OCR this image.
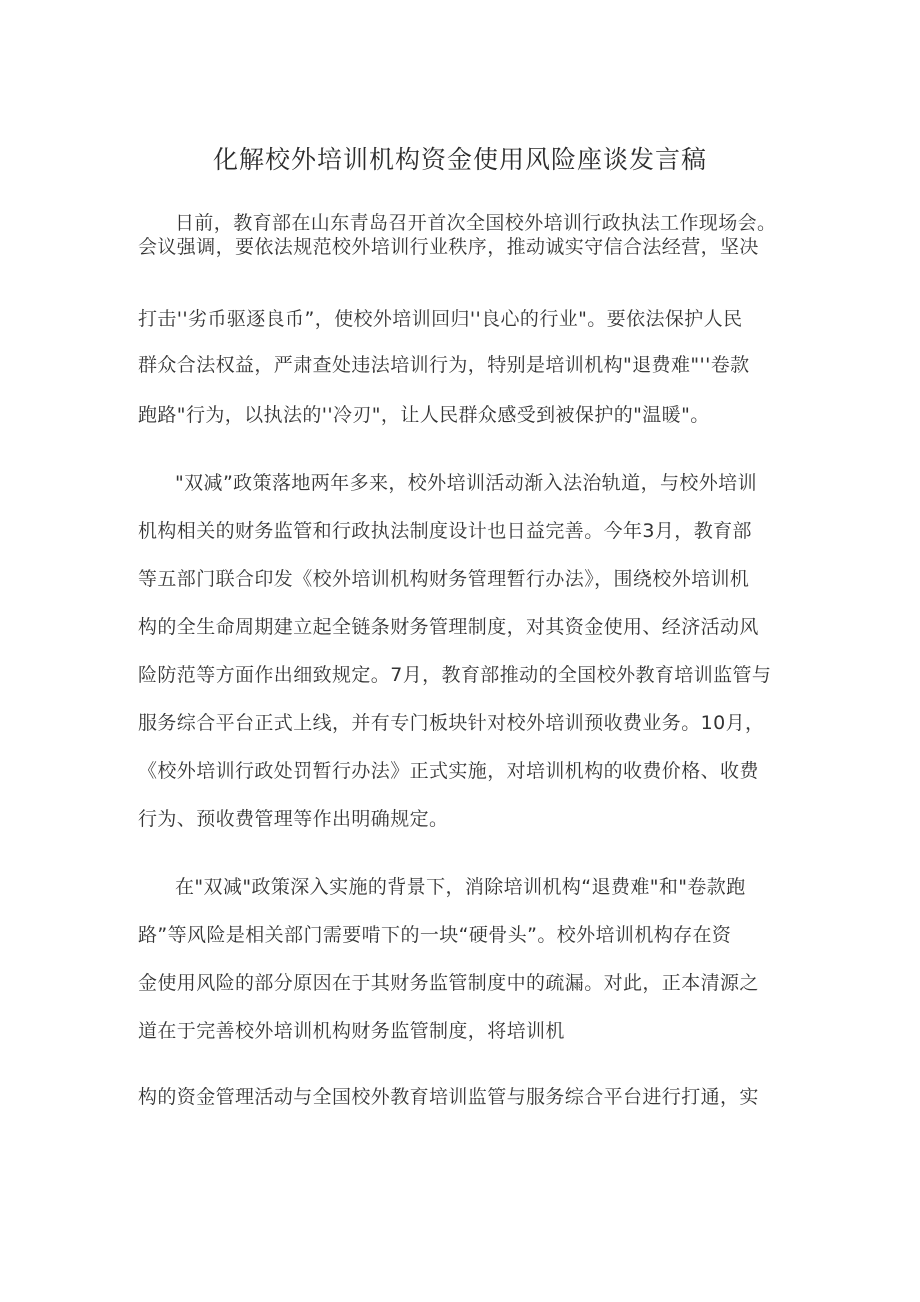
化解校外培训机构资金使用风险座谈发言稿
日前，教育部在山东青岛召开首次全国校外培训行政执法工作现场会。
会议强调，要依法规范校外培训行业秩序，推动诚实守信合法经营，坚决
打击''劣币驱逐良币”，使校外培训回归''良心的行业"。要依法保护人民
群众合法权益，严肃查处违法培训行为，特别是培训机构"退费难"''卷款
跑路"行为，以执法的''冷刃"，让人民群众感受到被保护的"温暖"。
"双减”政策落地两年多来，校外培训活动渐入法治轨道，与校外培训
机构相关的财务监管和行政执法制度设计也日益完善。今年3月，教育部
等五部门联合印发《校外培训机构财务管理暂行办法》，围绕校外培训机
构的全生命周期建立起全链条财务管理制度，对其资金使用、经济活动风
险防范等方面作出细致规定。7月，教育部推动的全国校外教育培训监管与
服务综合平台正式上线，并有专门板块针对校外培训预收费业务。10月，
《校外培训行政处罚暂行办法》正式实施，对培训机构的收费价格、收费
行为、预收费管理等作出明确规定。
在"双减"政策深入实施的背景下，消除培训机构“退费难"和"卷款跑
路”等风险是相关部门需要啃下的一块“硬骨头”。校外培训机构存在资
金使用风险的部分原因在于其财务监管制度中的疏漏。对此，正本清源之
道在于完善校外培训机构财务监管制度，将培训机
构的资金管理活动与全国校外教育培训监管与服务综合平台进行打通，实
